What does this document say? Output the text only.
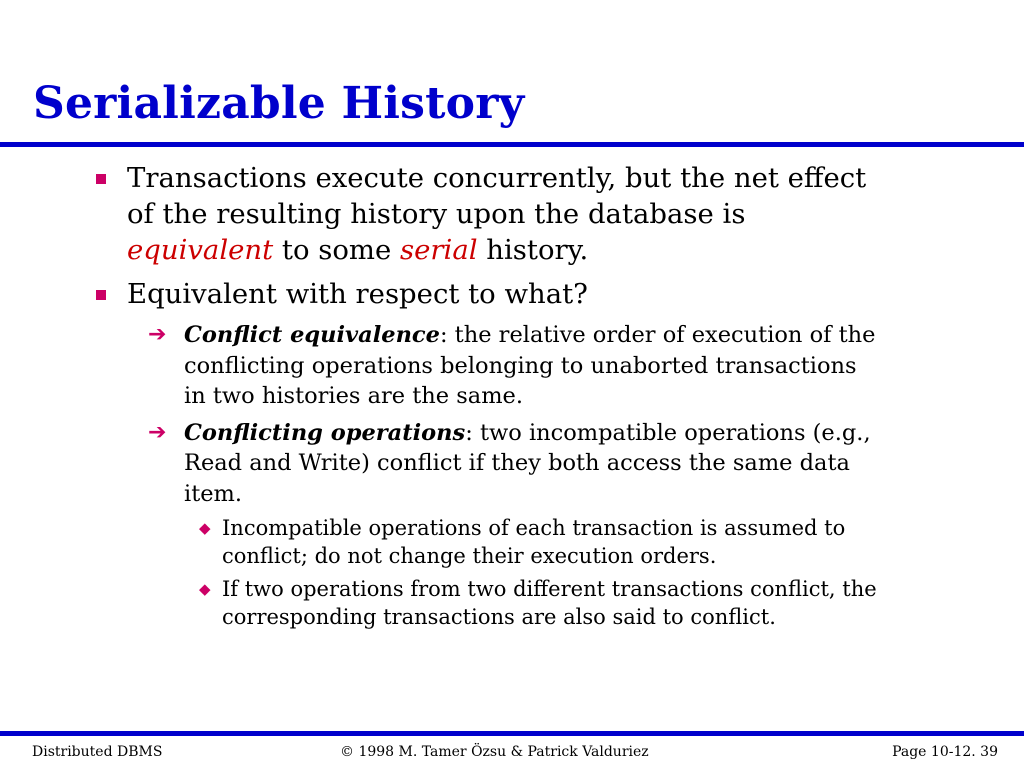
Serializable History
Transactions execute concurrently, but the net effect of the resulting history upon the database is equivalent to some serial history.
Equivalent with respect to what?
➔ Conflict equivalence: the relative order of execution of the conflicting operations belonging to unaborted transactions in two histories are the same.
➔ Conflicting operations: two incompatible operations (e.g., Read and Write) conflict if they both access the same data item.
◆ Incompatible operations of each transaction is assumed to conflict; do not change their execution orders.
◆ If two operations from two different transactions conflict, the corresponding transactions are also said to conflict.
Distributed DBMS	© 1998 M. Tamer Özsu & Patrick Valduriez	Page 10-12. 39
